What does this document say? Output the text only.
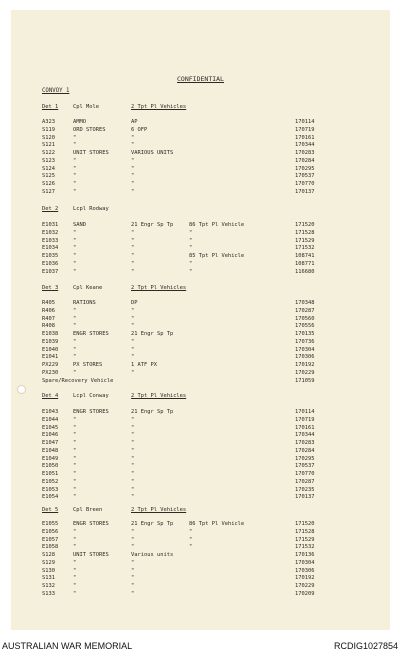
CONFIDENTIAL
CONVOY 1
Det 1	Cpl Mole	2 Tpt Pl Vehicles
A323	AMMO	AP	170114
S119	ORD STORES	6 OFP	170719
S120	"	"	170161
S121	"	"	170344
S122	UNIT STORES	VARIOUS UNITS	170283
S123	"	"	170284
S124	"	"	170295
S125	"	"	170537
S126	"	"	170770
S127	"	"	170137
Det 2	Lcpl Rodway
E1031	SAND	21 Engr Sp Tp	86 Tpt Pl Vehicle	171520
E1032	"	"	"	171528
E1033	"	"	"	171529
E1034	"	"	"	171532
E1035	"	"	85 Tpt Pl Vehicle	108741
E1036	"	"	"	108771
E1037	"	"	"	116680
Det 3	Cpl Keane	2 Tpt Pl Vehicles
R405	RATIONS	DP	170348
R406	"	"	170287
R407	"	"	170560
R408	"	"	170556
E1038	ENGR STORES	21 Engr Sp Tp	170135
E1039	"	"	170736
E1040	"	"	170304
E1041	"	"	170306
PX229	PX STORES	1 ATF PX	170192
PX230	"	"	170229
Spare/Recovery Vehicle	171059
Det 4	Lcpl Conway	2 Tpt Pl Vehicles
E1043	ENGR STORES	21 Engr Sp Tp	170114
E1044	"	"	170719
E1045	"	"	170161
E1046	"	"	170344
E1047	"	"	170283
E1048	"	"	170284
E1049	"	"	170295
E1050	"	"	170537
E1051	"	"	170770
E1052	"	"	170287
E1053	"	"	170235
E1054	"	"	170137
Det 5	Cpl Breen	2 Tpt Pl Vehicles
E1055	ENGR STORES	21 Engr Sp Tp	86 Tpt Pl Vehicle	171520
E1056	"	"	"	171528
E1057	"	"	"	171529
E1058	"	"	"	171532
S128	UNIT STORES	Various units	170136
S129	"	"	170304
S130	"	"	170306
S131	"	"	170192
S132	"	"	170229
S133	"	"	170209
AUSTRALIAN WAR MEMORIAL	RCDIG1027854
